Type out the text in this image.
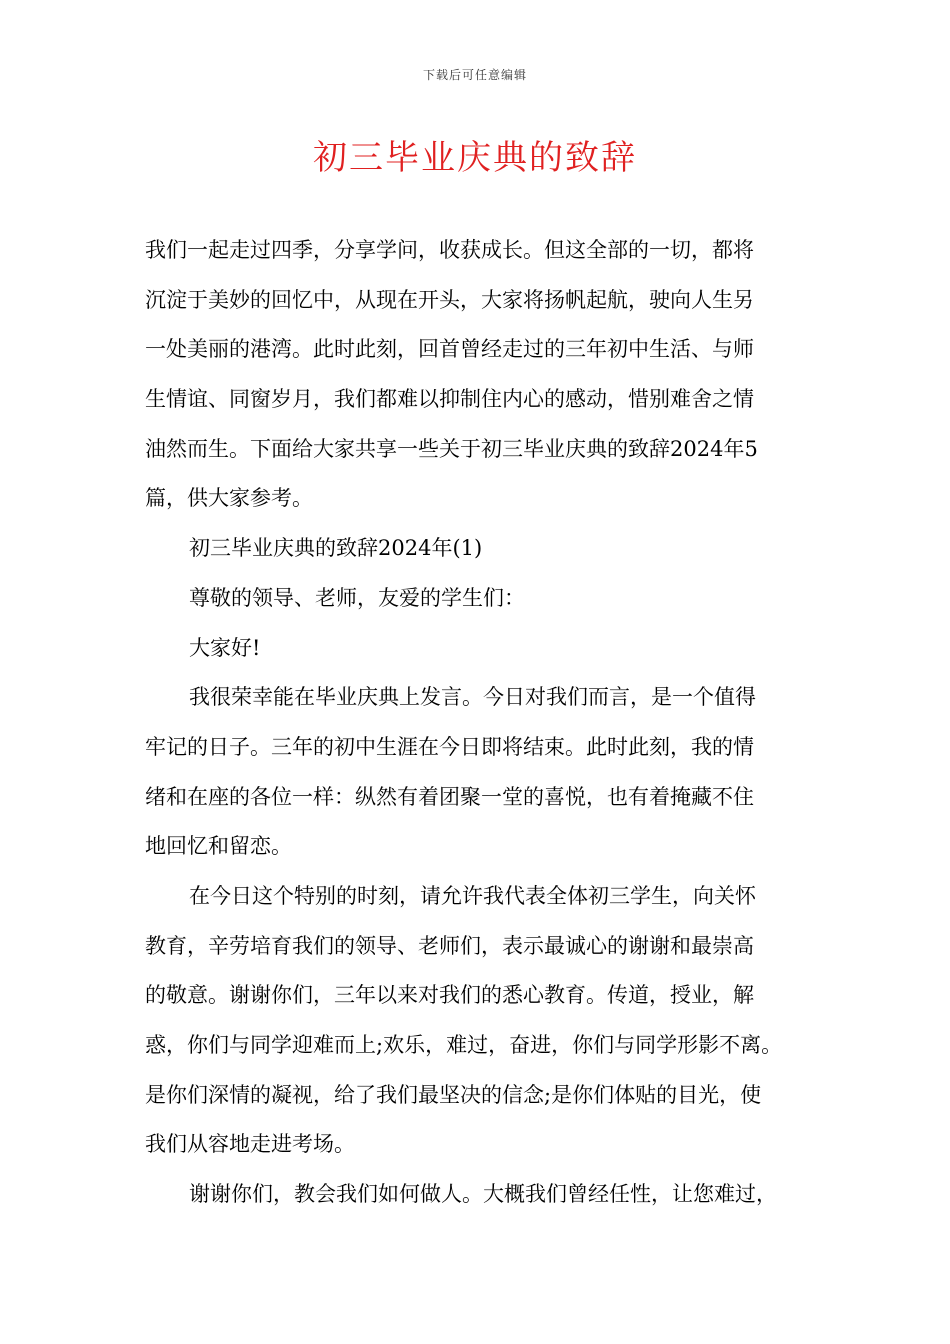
下载后可任意编辑
初三毕业庆典的致辞
我们一起走过四季，分享学问，收获成长。但这全部的一切，都将
沉淀于美妙的回忆中，从现在开头，大家将扬帆起航，驶向人生另
一处美丽的港湾。此时此刻，回首曾经走过的三年初中生活、与师
生情谊、同窗岁月，我们都难以抑制住内心的感动，惜别难舍之情
油然而生。下面给大家共享一些关于初三毕业庆典的致辞2024年5
篇，供大家参考。
初三毕业庆典的致辞2024年(1)
尊敬的领导、老师，友爱的学生们：
大家好!
我很荣幸能在毕业庆典上发言。今日对我们而言，是一个值得
牢记的日子。三年的初中生涯在今日即将结束。此时此刻，我的情
绪和在座的各位一样：纵然有着团聚一堂的喜悦，也有着掩藏不住
地回忆和留恋。
在今日这个特别的时刻，请允许我代表全体初三学生，向关怀
教育，辛劳培育我们的领导、老师们，表示最诚心的谢谢和最崇高
的敬意。谢谢你们，三年以来对我们的悉心教育。传道，授业，解
惑，你们与同学迎难而上;欢乐，难过，奋进，你们与同学形影不离。
是你们深情的凝视，给了我们最坚决的信念;是你们体贴的目光，使
我们从容地走进考场。
谢谢你们，教会我们如何做人。大概我们曾经任性，让您难过，
